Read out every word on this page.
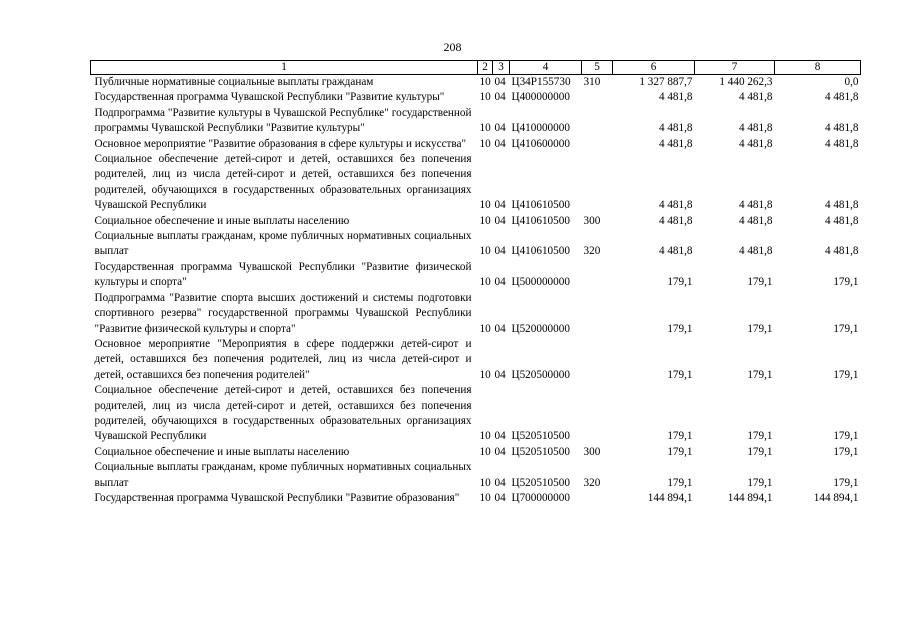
208
1	2	3	4	5	6	7	8
Публичные нормативные социальные выплаты гражданам	10	04	Ц34Р155730	310	1 327 887,7	1 440 262,3	0,0
Государственная программа Чувашской Республики "Развитие культуры"	10	04	Ц400000000		4 481,8	4 481,8	4 481,8
Подпрограмма "Развитие культуры в Чувашской Республике" государственной программы Чувашской Республики "Развитие культуры"	10	04	Ц410000000		4 481,8	4 481,8	4 481,8
Основное мероприятие "Развитие образования в сфере культуры и искусства"	10	04	Ц410600000		4 481,8	4 481,8	4 481,8
Социальное обеспечение детей-сирот и детей, оставшихся без попечения родителей, лиц из числа детей-сирот и детей, оставшихся без попечения родителей, обучающихся в государственных образовательных организациях Чувашской Республики	10	04	Ц410610500		4 481,8	4 481,8	4 481,8
Социальное обеспечение и иные выплаты населению	10	04	Ц410610500	300	4 481,8	4 481,8	4 481,8
Социальные выплаты гражданам, кроме публичных нормативных социальных выплат	10	04	Ц410610500	320	4 481,8	4 481,8	4 481,8
Государственная программа Чувашской Республики "Развитие физической культуры и спорта"	10	04	Ц500000000		179,1	179,1	179,1
Подпрограмма "Развитие спорта высших достижений и системы подготовки спортивного резерва" государственной программы Чувашской Республики "Развитие физической культуры и спорта"	10	04	Ц520000000		179,1	179,1	179,1
Основное мероприятие "Мероприятия в сфере поддержки детей-сирот и детей, оставшихся без попечения родителей, лиц из числа детей-сирот и детей, оставшихся без попечения родителей"	10	04	Ц520500000		179,1	179,1	179,1
Социальное обеспечение детей-сирот и детей, оставшихся без попечения родителей, лиц из числа детей-сирот и детей, оставшихся без попечения родителей, обучающихся в государственных образовательных организациях Чувашской Республики	10	04	Ц520510500		179,1	179,1	179,1
Социальное обеспечение и иные выплаты населению	10	04	Ц520510500	300	179,1	179,1	179,1
Социальные выплаты гражданам, кроме публичных нормативных социальных выплат	10	04	Ц520510500	320	179,1	179,1	179,1
Государственная программа Чувашской Республики "Развитие образования"	10	04	Ц700000000		144 894,1	144 894,1	144 894,1
